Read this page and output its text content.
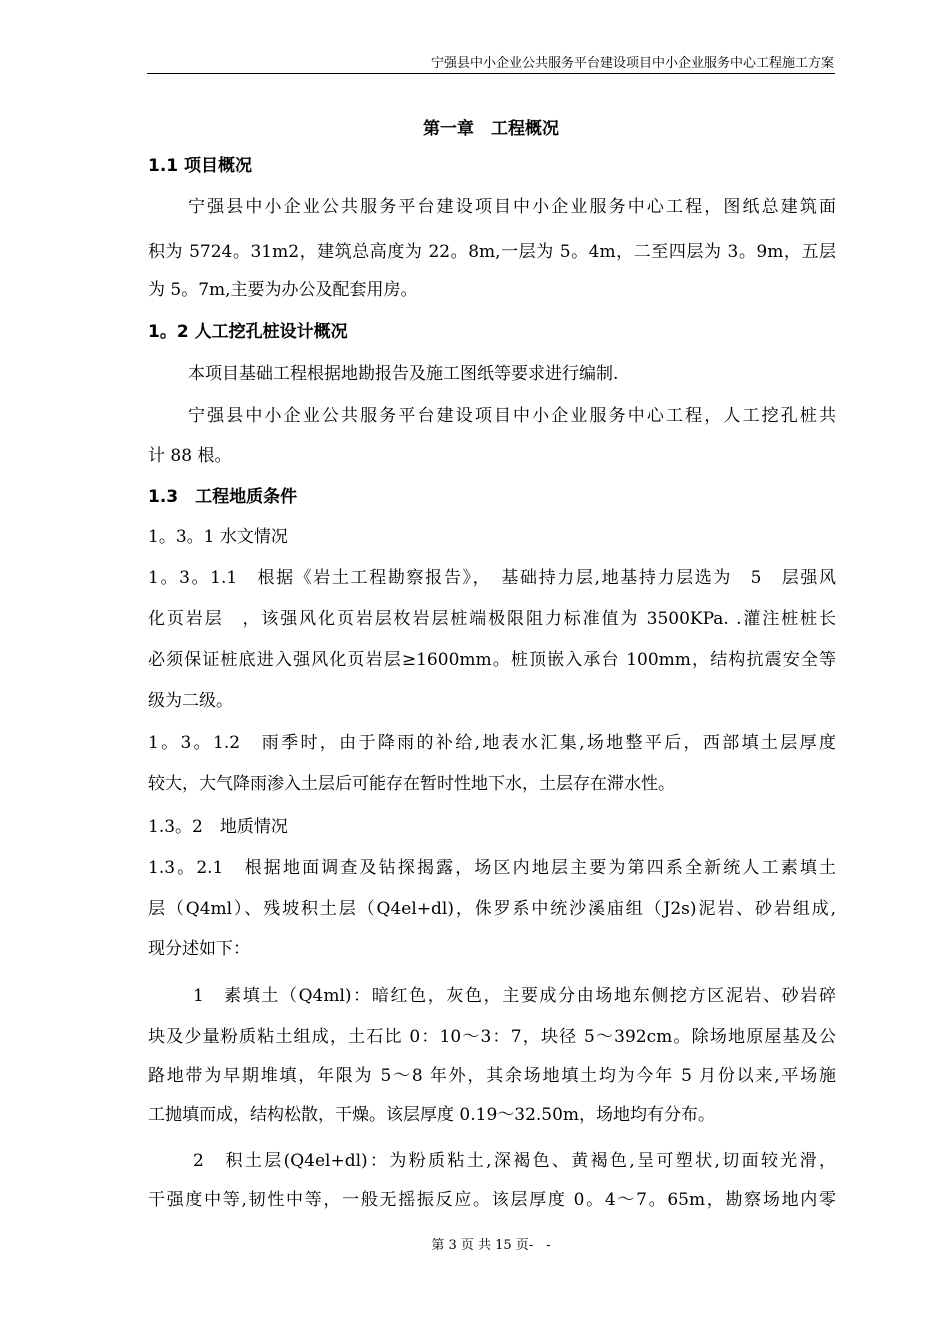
宁强县中小企业公共服务平台建设项目中小企业服务中心工程施工方案
第一章　工程概况
1.1 项目概况
宁强县中小企业公共服务平台建设项目中小企业服务中心工程，图纸总建筑面
积为 5724。31m2，建筑总高度为 22。8m,一层为 5。4m，二至四层为 3。9m，五层
为 5。7m,主要为办公及配套用房。
1。2 人工挖孔桩设计概况
本项目基础工程根据地勘报告及施工图纸等要求进行编制.
宁强县中小企业公共服务平台建设项目中小企业服务中心工程，人工挖孔桩共
计 88 根。
1.3　工程地质条件
1。3。1 水文情况
1。3。1.1　根据《岩土工程勘察报告》，　基础持力层,地基持力层选为　5　层强风
化页岩层　，该强风化页岩层枚岩层桩端极限阻力标准值为 3500KPa. .灌注桩桩长
必须保证桩底进入强风化页岩层≥1600mm。桩顶嵌入承台 100mm，结构抗震安全等
级为二级。
1。3。1.2　雨季时，由于降雨的补给,地表水汇集,场地整平后，西部填土层厚度
较大，大气降雨渗入土层后可能存在暂时性地下水，土层存在滞水性。
1.3。2　地质情况
1.3。2.1　根据地面调查及钻探揭露，场区内地层主要为第四系全新统人工素填土
层（Q4ml）、残坡积土层（Q4el+dl)，侏罗系中统沙溪庙组（J2s)泥岩、砂岩组成,
现分述如下：
1　素填土（Q4ml)：暗红色，灰色，主要成分由场地东侧挖方区泥岩、砂岩碎
块及少量粉质粘土组成，土石比 0：10～3：7，块径 5～392cm。除场地原屋基及公
路地带为早期堆填，年限为 5～8 年外，其余场地填土均为今年 5 月份以来,平场施
工抛填而成，结构松散，干燥。该层厚度 0.19～32.50m，场地均有分布。
2　积土层(Q4el+dl)：为粉质粘土,深褐色、黄褐色,呈可塑状,切面较光滑，
干强度中等,韧性中等，一般无摇振反应。该层厚度 0。4～7。65m，勘察场地内零
第 3 页 共 15 页-　-
